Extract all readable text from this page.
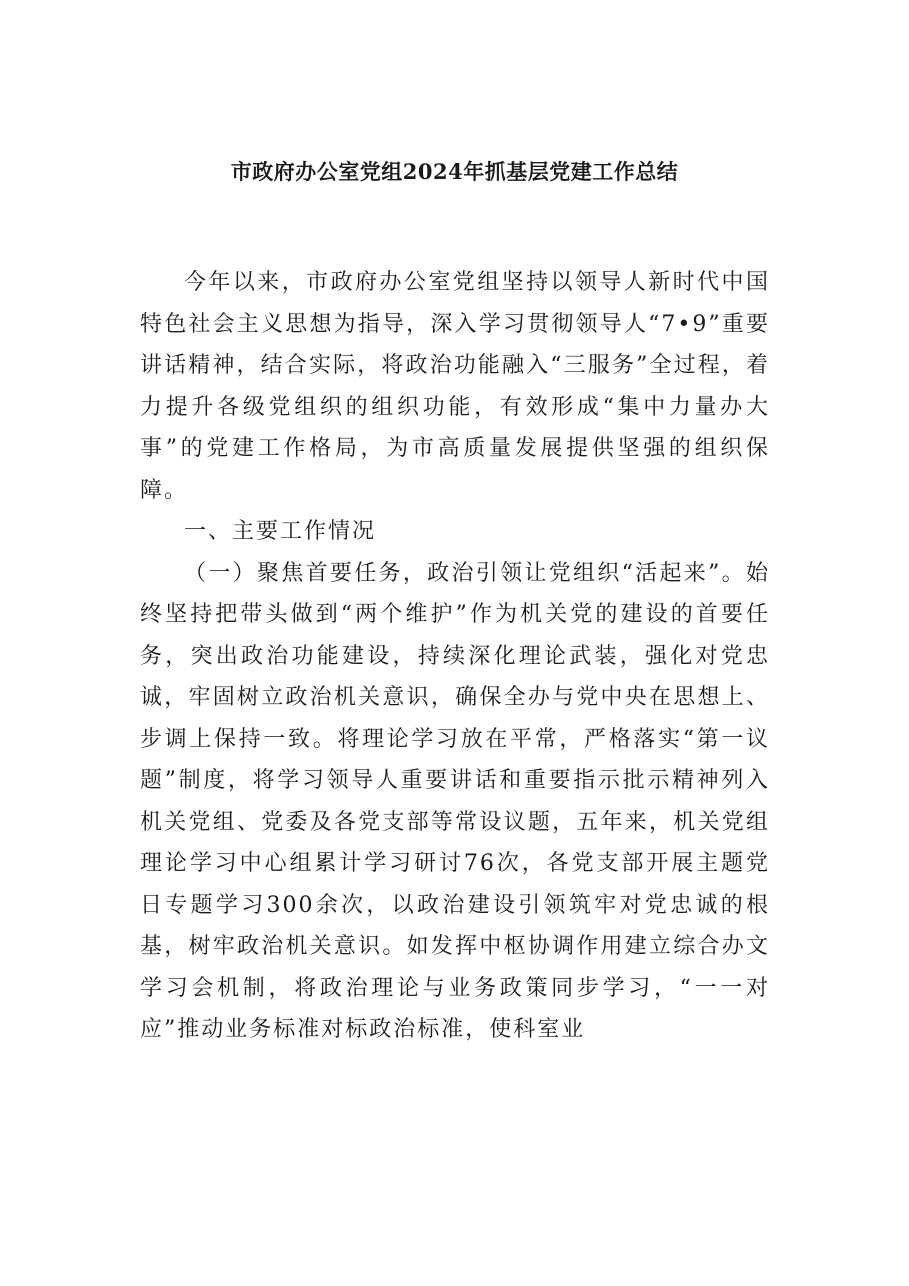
市政府办公室党组2024年抓基层党建工作总结

今年以来，市政府办公室党组坚持以领导人新时代中国特色社会主义思想为指导，深入学习贯彻领导人“7•9”重要讲话精神，结合实际，将政治功能融入“三服务”全过程，着力提升各级党组织的组织功能，有效形成“集中力量办大事”的党建工作格局，为市高质量发展提供坚强的组织保障。

一、主要工作情况

（一）聚焦首要任务，政治引领让党组织“活起来”。始终坚持把带头做到“两个维护”作为机关党的建设的首要任务，突出政治功能建设，持续深化理论武装，强化对党忠诚，牢固树立政治机关意识，确保全办与党中央在思想上、步调上保持一致。将理论学习放在平常，严格落实“第一议题”制度，将学习领导人重要讲话和重要指示批示精神列入机关党组、党委及各党支部等常设议题，五年来，机关党组理论学习中心组累计学习研讨76次，各党支部开展主题党日专题学习300余次，以政治建设引领筑牢对党忠诚的根基，树牢政治机关意识。如发挥中枢协调作用建立综合办文学习会机制，将政治理论与业务政策同步学习，“一一对应”推动业务标准对标政治标准，使科室业
